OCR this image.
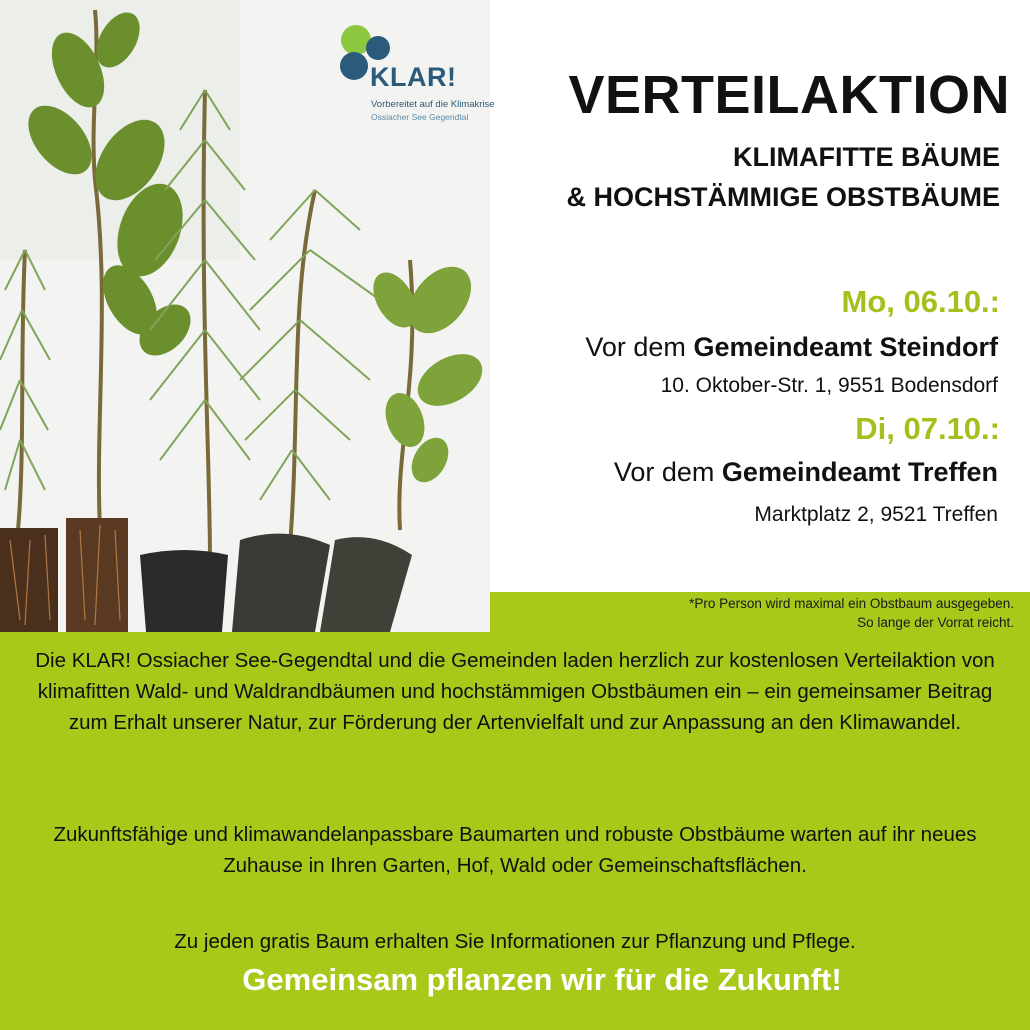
KLAR!
Vorbereitet auf die Klimakrise
Ossiacher See Gegendtal VERTEILAKTION
KLIMAFITTE BÄUME
& HOCHSTÄMMIGE OBSTBÄUME
Mo, 06.10.:
Vor dem Gemeindeamt Steindorf
10. Oktober-Str. 1, 9551 Bodensdorf
Di, 07.10.:
Vor dem Gemeindeamt Treffen
Marktplatz 2, 9521 Treffen
*Pro Person wird maximal ein Obstbaum ausgegeben.
So lange der Vorrat reicht.
Die KLAR! Ossiacher See-Gegendtal und die Gemeinden laden herzlich zur kostenlosen Verteilaktion von klimafitten Wald- und Waldrandbäumen und hochstämmigen Obstbäumen ein – ein gemeinsamer Beitrag zum Erhalt unserer Natur, zur Förderung der Artenvielfalt und zur Anpassung an den Klimawandel.
Zukunftsfähige und klimawandelanpassbare Baumarten und robuste Obstbäume warten auf ihr neues Zuhause in Ihren Garten, Hof, Wald oder Gemeinschaftsflächen.
Zu jeden gratis Baum erhalten Sie Informationen zur Pflanzung und Pflege.
Gemeinsam pflanzen wir für die Zukunft!
